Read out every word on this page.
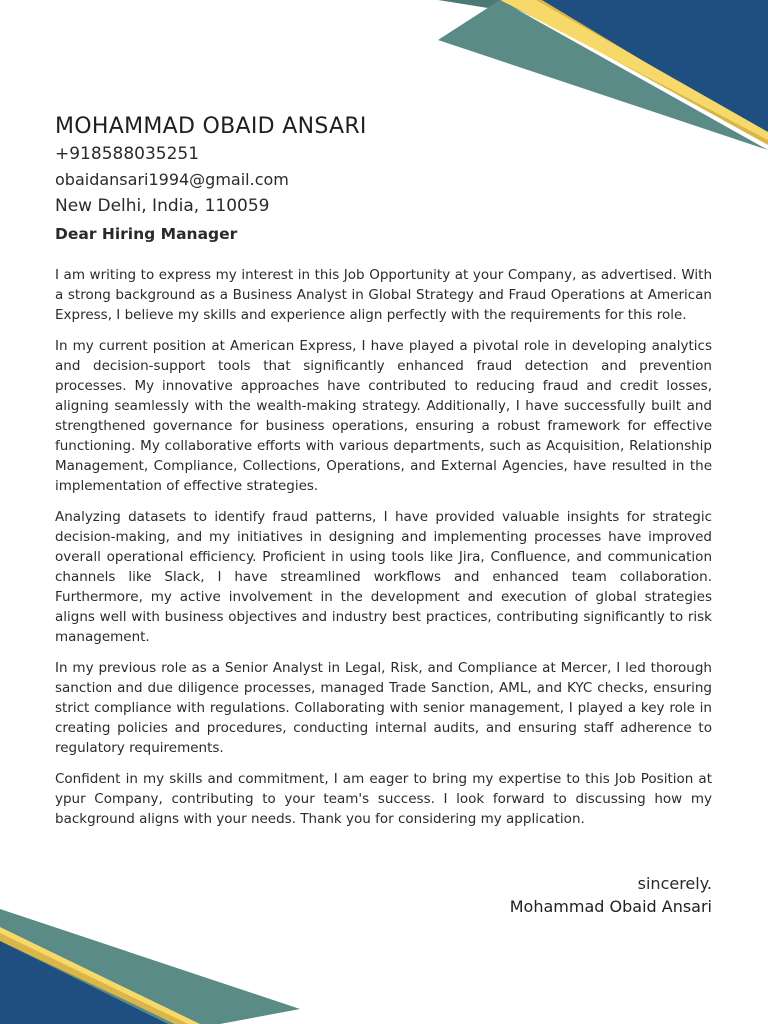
MOHAMMAD OBAID ANSARI

+918588035251

obaidansari1994@gmail.com

New Delhi, India, 110059

Dear Hiring Manager

I am writing to express my interest in this Job Opportunity at your Company, as advertised. With a strong background as a Business Analyst in Global Strategy and Fraud Operations at American Express, I believe my skills and experience align perfectly with the requirements for this role.

In my current position at American Express, I have played a pivotal role in developing analytics and decision-support tools that significantly enhanced fraud detection and prevention processes. My innovative approaches have contributed to reducing fraud and credit losses, aligning seamlessly with the wealth-making strategy. Additionally, I have successfully built and strengthened governance for business operations, ensuring a robust framework for effective functioning. My collaborative efforts with various departments, such as Acquisition, Relationship Management, Compliance, Collections, Operations, and External Agencies, have resulted in the implementation of effective strategies.

Analyzing datasets to identify fraud patterns, I have provided valuable insights for strategic decision-making, and my initiatives in designing and implementing processes have improved overall operational efficiency. Proficient in using tools like Jira, Confluence, and communication channels like Slack, I have streamlined workflows and enhanced team collaboration. Furthermore, my active involvement in the development and execution of global strategies aligns well with business objectives and industry best practices, contributing significantly to risk management.

In my previous role as a Senior Analyst in Legal, Risk, and Compliance at Mercer, I led thorough sanction and due diligence processes, managed Trade Sanction, AML, and KYC checks, ensuring strict compliance with regulations. Collaborating with senior management, I played a key role in creating policies and procedures, conducting internal audits, and ensuring staff adherence to regulatory requirements.

Confident in my skills and commitment, I am eager to bring my expertise to this Job Position at ypur Company, contributing to your team's success. I look forward to discussing how my background aligns with your needs. Thank you for considering my application.

sincerely.

Mohammad Obaid Ansari
